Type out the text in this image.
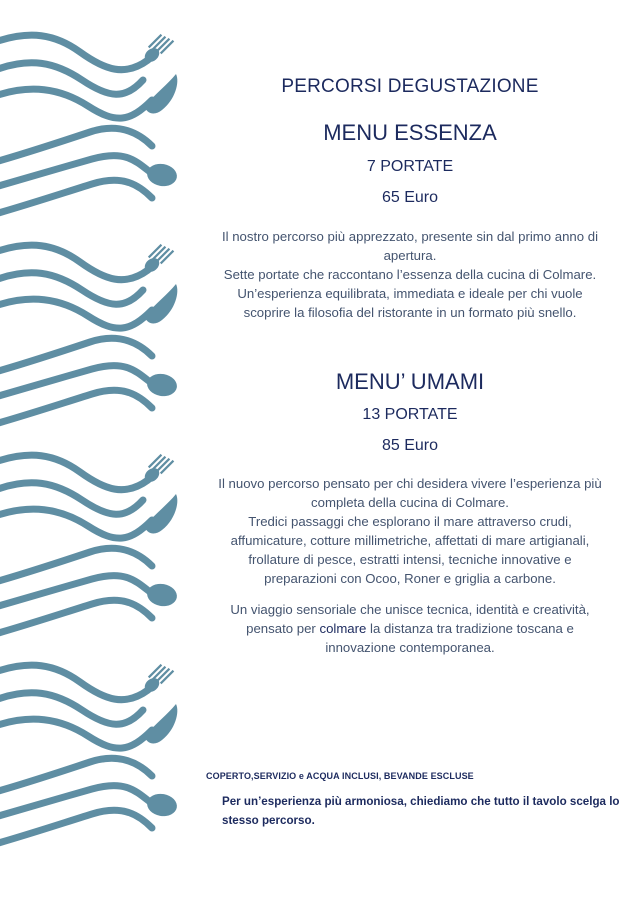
PERCORSI DEGUSTAZIONE
MENU ESSENZA
7 PORTATE
65 Euro
Il nostro percorso più apprezzato, presente sin dal primo anno di
apertura.
Sette portate che raccontano l’essenza della cucina di Colmare.
Un’esperienza equilibrata, immediata e ideale per chi vuole
scoprire la filosofia del ristorante in un formato più snello.
MENU’ UMAMI
13 PORTATE
85 Euro
Il nuovo percorso pensato per chi desidera vivere l’esperienza più
completa della cucina di Colmare.
Tredici passaggi che esplorano il mare attraverso crudi,
affumicature, cotture millimetriche, affettati di mare artigianali,
frollature di pesce, estratti intensi, tecniche innovative e
preparazioni con Ocoo, Roner e griglia a carbone.
Un viaggio sensoriale che unisce tecnica, identità e creatività,
pensato per colmare la distanza tra tradizione toscana e
innovazione contemporanea.
COPERTO,SERVIZIO e ACQUA INCLUSI, BEVANDE ESCLUSE
Per un’esperienza più armoniosa, chiediamo che tutto il tavolo scelga lo
stesso percorso.
